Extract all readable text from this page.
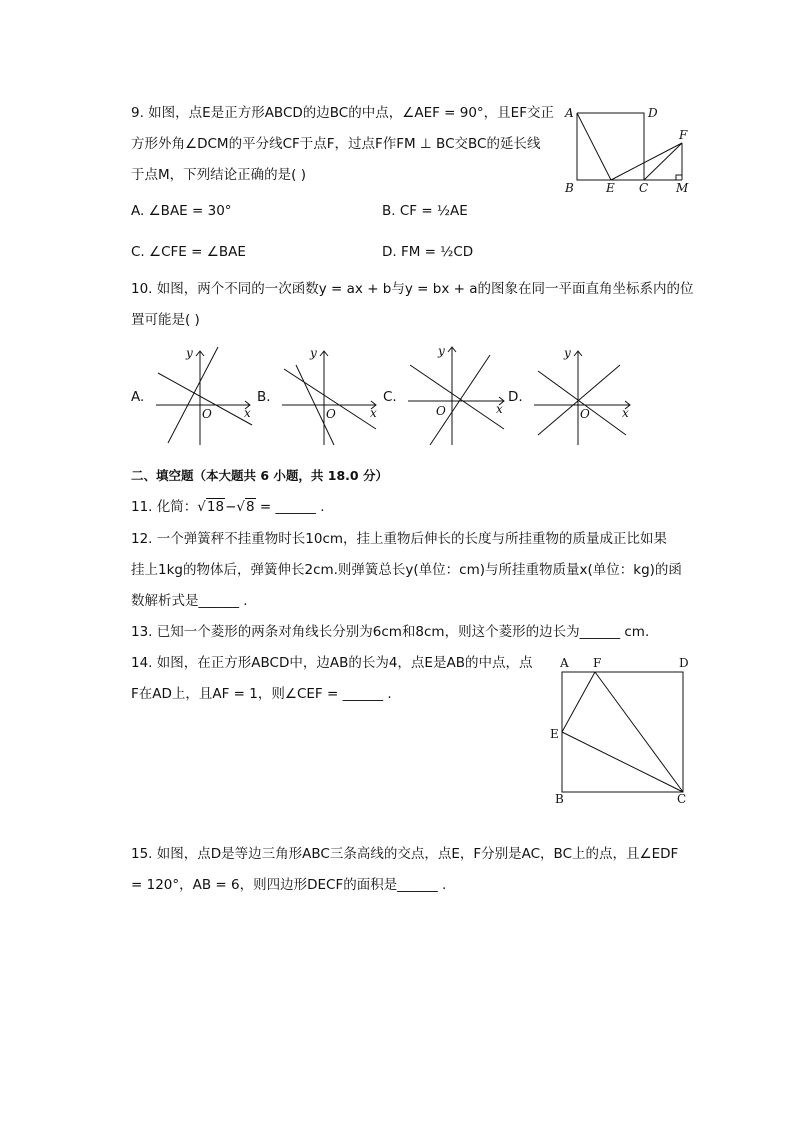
9. 如图，点E是正方形ABCD的边BC的中点，∠AEF = 90°，且EF交正
方形外角∠DCM的平分线CF于点F，过点F作FM ⊥ BC交BC的延长线
于点M，下列结论正确的是( )
A. ∠BAE = 30°	B. CF = ½AE
C. ∠CFE = ∠BAE	D. FM = ½CD
A	D
F
B	E C M
10. 如图，两个不同的一次函数y = ax + b与y = bx + a的图象在同一平面直角坐标系内的位
置可能是( )
A.
y
x
O
B.
y
x
O
C.
y
x
O
D.
y
x
O
二、填空题（本大题共 6 小题，共 18.0 分）
11. 化简：√18−√8 = ______ .
12. 一个弹簧秤不挂重物时长10cm，挂上重物后伸长的长度与所挂重物的质量成正比如果
挂上1kg的物体后，弹簧伸长2cm.则弹簧总长y(单位：cm)与所挂重物质量x(单位：kg)的函
数解析式是______ .
13. 已知一个菱形的两条对角线长分别为6cm和8cm，则这个菱形的边长为______ cm.
14. 如图，在正方形ABCD中，边AB的长为4，点E是AB的中点，点
F在AD上，且AF = 1，则∠CEF = ______ .
A F	D
E
B	C
15. 如图，点D是等边三角形ABC三条高线的交点，点E，F分别是AC，BC上的点，且∠EDF
= 120°，AB = 6，则四边形DECF的面积是______ .
